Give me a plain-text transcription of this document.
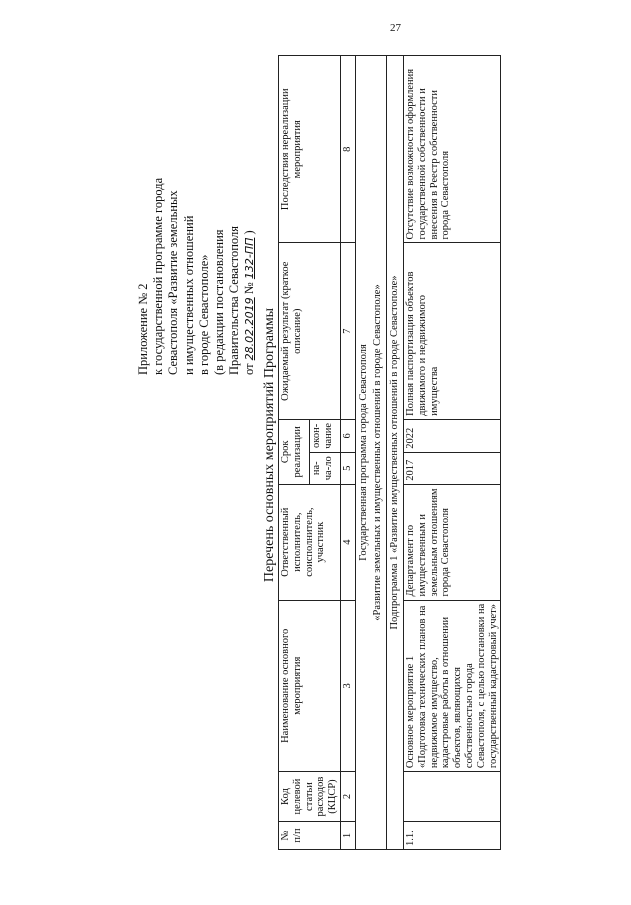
27
Приложение № 2 к государственной программе города Севастополя «Развитие земельных и имущественных отношений в городе Севастополе» (в редакции постановления Правительства Севастополя от 28.02.2019 № 132-ПП )
Перечень основных мероприятий Программы
№ п/п	Код целевой статьи расходов (КЦСР)	Наименование основного мероприятия	Ответственный исполнитель, соисполнитель, участник	Срок реализации		Ожидаемый результат (краткое описание)	Последствия нереализации мероприятия
				на-ча-ло	окон-чание		
1	2	3	4	5	6	7	8

Государственная программа города Севастополя «Развитие земельных и имущественных отношений в городе Севастополе»							

Подпрограмма 1 «Развитие имущественных отношений в городе Севастополе»							
1.1.		Основное мероприятие 1 «Подготовка технических планов на недвижимое имущество, кадастровые работы в отношении объектов, являющихся собственностью города Севастополя, с целью постановки на государственный кадастровый учет»	Департамент по имущественным и земельным отношениям города Севастополя	2017	2022	Полная паспортизация объектов движимого и недвижимого имущества	Отсутствие возможности оформления государственной собственности и внесения в Реестр собственности города Севастополя
